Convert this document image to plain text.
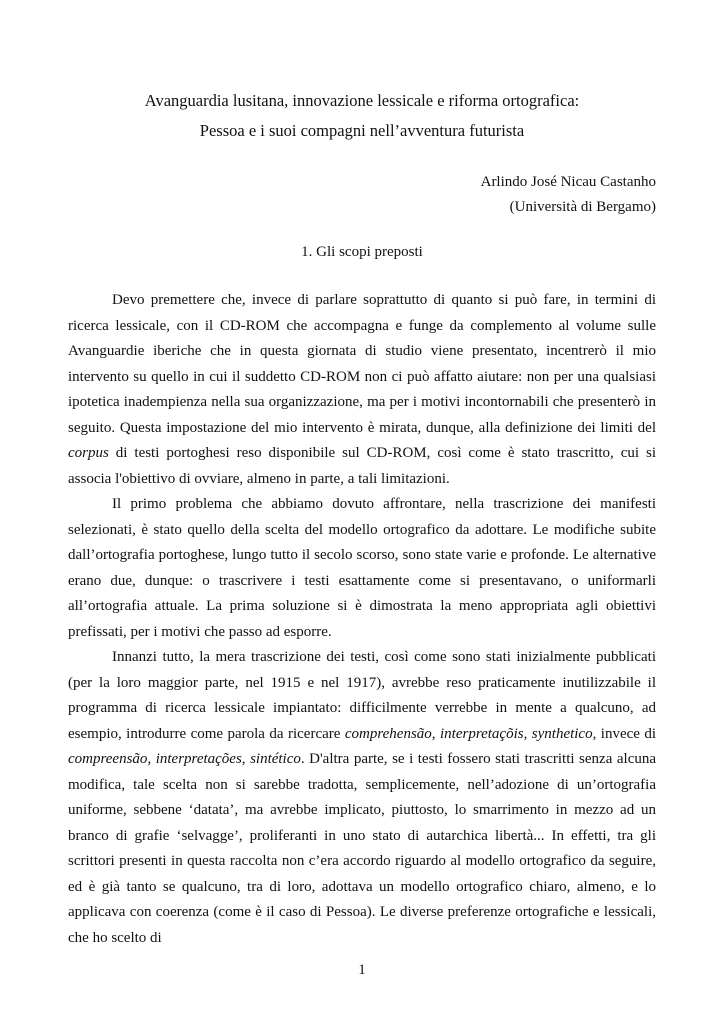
Avanguardia lusitana, innovazione lessicale e riforma ortografica:
Pessoa e i suoi compagni nell’avventura futurista
Arlindo José Nicau Castanho
(Università di Bergamo)
1. Gli scopi preposti

Devo premettere che, invece di parlare soprattutto di quanto si può fare, in termini di ricerca lessicale, con il CD-ROM che accompagna e funge da complemento al volume sulle Avanguardie iberiche che in questa giornata di studio viene presentato, incentrerò il mio intervento su quello in cui il suddetto CD-ROM non ci può affatto aiutare: non per una qualsiasi ipotetica inadempienza nella sua organizzazione, ma per i motivi incontornabili che presenterò in seguito. Questa impostazione del mio intervento è mirata, dunque, alla definizione dei limiti del corpus di testi portoghesi reso disponibile sul CD-ROM, così come è stato trascritto, cui si associa l'obiettivo di ovviare, almeno in parte, a tali limitazioni.

Il primo problema che abbiamo dovuto affrontare, nella trascrizione dei manifesti selezionati, è stato quello della scelta del modello ortografico da adottare. Le modifiche subite dall’ortografia portoghese, lungo tutto il secolo scorso, sono state varie e profonde. Le alternative erano due, dunque: o trascrivere i testi esattamente come si presentavano, o uniformarli all’ortografia attuale. La prima soluzione si è dimostrata la meno appropriata agli obiettivi prefissati, per i motivi che passo ad esporre.

Innanzi tutto, la mera trascrizione dei testi, così come sono stati inizialmente pubblicati (per la loro maggior parte, nel 1915 e nel 1917), avrebbe reso praticamente inutilizzabile il programma di ricerca lessicale impiantato: difficilmente verrebbe in mente a qualcuno, ad esempio, introdurre come parola da ricercare comprehensão, interpretaçõis, synthetico, invece di compreensão, interpretações, sintético. D'altra parte, se i testi fossero stati trascritti senza alcuna modifica, tale scelta non si sarebbe tradotta, semplicemente, nell’adozione di un’ortografia uniforme, sebbene ‘datata’, ma avrebbe implicato, piuttosto, lo smarrimento in mezzo ad un branco di grafie ‘selvagge’, proliferanti in uno stato di autarchica libertà... In effetti, tra gli scrittori presenti in questa raccolta non c’era accordo riguardo al modello ortografico da seguire, ed è già tanto se qualcuno, tra di loro, adottava un modello ortografico chiaro, almeno, e lo applicava con coerenza (come è il caso di Pessoa). Le diverse preferenze ortografiche e lessicali, che ho scelto di

1
